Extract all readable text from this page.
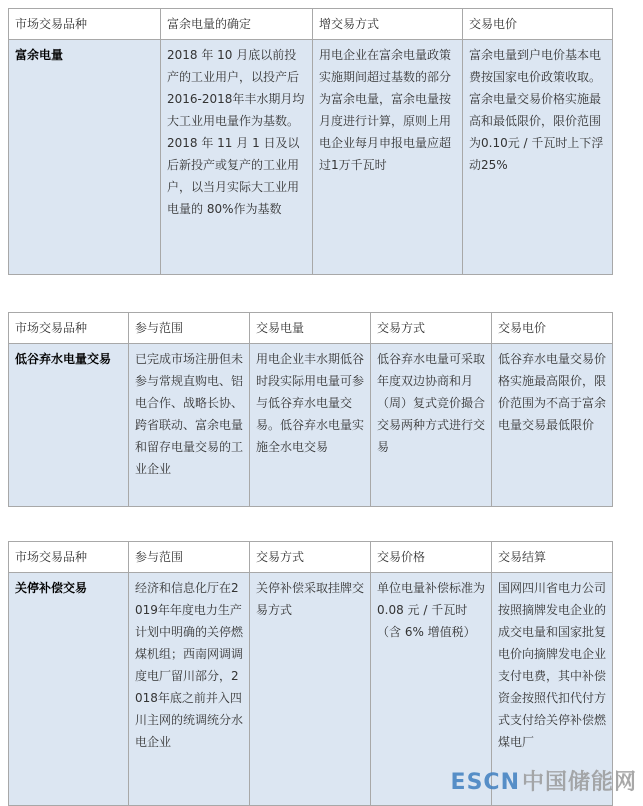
市场交易品种	富余电量的确定	增交易方式	交易电价
富余电量	2018 年 10 月底以前投产的工业用户，以投产后 2016-2018年丰水期月均大工业用电量作为基数。2018 年 11 月 1 日及以后新投产或复产的工业用户，以当月实际大工业用电量的 80%作为基数	用电企业在富余电量政策实施期间超过基数的部分为富余电量，富余电量按月度进行计算，原则上用电企业每月申报电量应超过1万千瓦时	富余电量到户电价基本电费按国家电价政策收取。富余电量交易价格实施最高和最低限价，限价范围为0.10元 / 千瓦时上下浮动25%
市场交易品种	参与范围	交易电量	交易方式	交易电价
低谷弃水电量交易	已完成市场注册但未参与常规直购电、铝电合作、战略长协、跨省联动、富余电量和留存电量交易的工业企业	用电企业丰水期低谷时段实际用电量可参与低谷弃水电量交易。低谷弃水电量实施全水电交易	低谷弃水电量可采取年度双边协商和月（周）复式竞价撮合 交易两种方式进行交易	低谷弃水电量交易价格实施最高限价，限价范围为不高于富余电量交易最低限价
市场交易品种	参与范围	交易方式	交易价格	交易结算
关停补偿交易	经济和信息化厅在2019年年度电力生产计划中明确的关停燃煤机组；西南网调调度电厂留川部分，2018年底之前并入四川主网的统调统分水电企业	关停补偿采取挂牌交易方式	单位电量补偿标准为 0.08 元 / 千瓦时（含 6% 增值税）	国网四川省电力公司按照摘牌发电企业的成交电量和国家批复电价向摘牌发电企业支付电费，其中补偿资金按照代扣代付方式支付给关停补偿燃煤电厂
ESCN中国储能网
